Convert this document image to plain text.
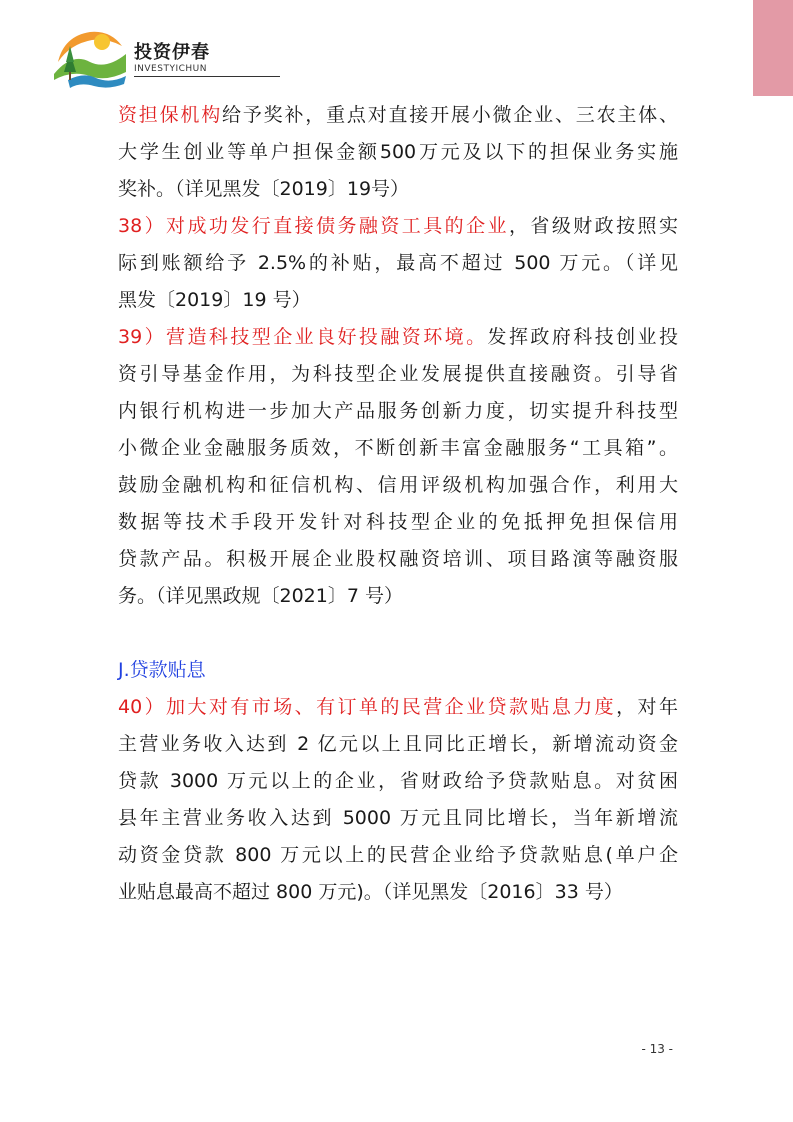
投资伊春
INVESTYICHUN
资担保机构给予奖补，重点对直接开展小微企业、三农主体、
大学生创业等单户担保金额500万元及以下的担保业务实施
奖补。（详见黑发〔2019〕19号）
38）对成功发行直接债务融资工具的企业，省级财政按照实
际到账额给予 2.5%的补贴，最高不超过 500 万元。（详见
黑发〔2019〕19 号）
39）营造科技型企业良好投融资环境。发挥政府科技创业投
资引导基金作用，为科技型企业发展提供直接融资。引导省
内银行机构进一步加大产品服务创新力度，切实提升科技型
小微企业金融服务质效，不断创新丰富金融服务“工具箱”。
鼓励金融机构和征信机构、信用评级机构加强合作，利用大
数据等技术手段开发针对科技型企业的免抵押免担保信用
贷款产品。积极开展企业股权融资培训、项目路演等融资服
务。（详见黑政规〔2021〕7 号）
J.贷款贴息
40）加大对有市场、有订单的民营企业贷款贴息力度，对年
主营业务收入达到 2 亿元以上且同比正增长，新增流动资金
贷款 3000 万元以上的企业，省财政给予贷款贴息。对贫困
县年主营业务收入达到 5000 万元且同比增长，当年新增流
动资金贷款 800 万元以上的民营企业给予贷款贴息(单户企
业贴息最高不超过 800 万元)。（详见黑发〔2016〕33 号）
- 13 -
